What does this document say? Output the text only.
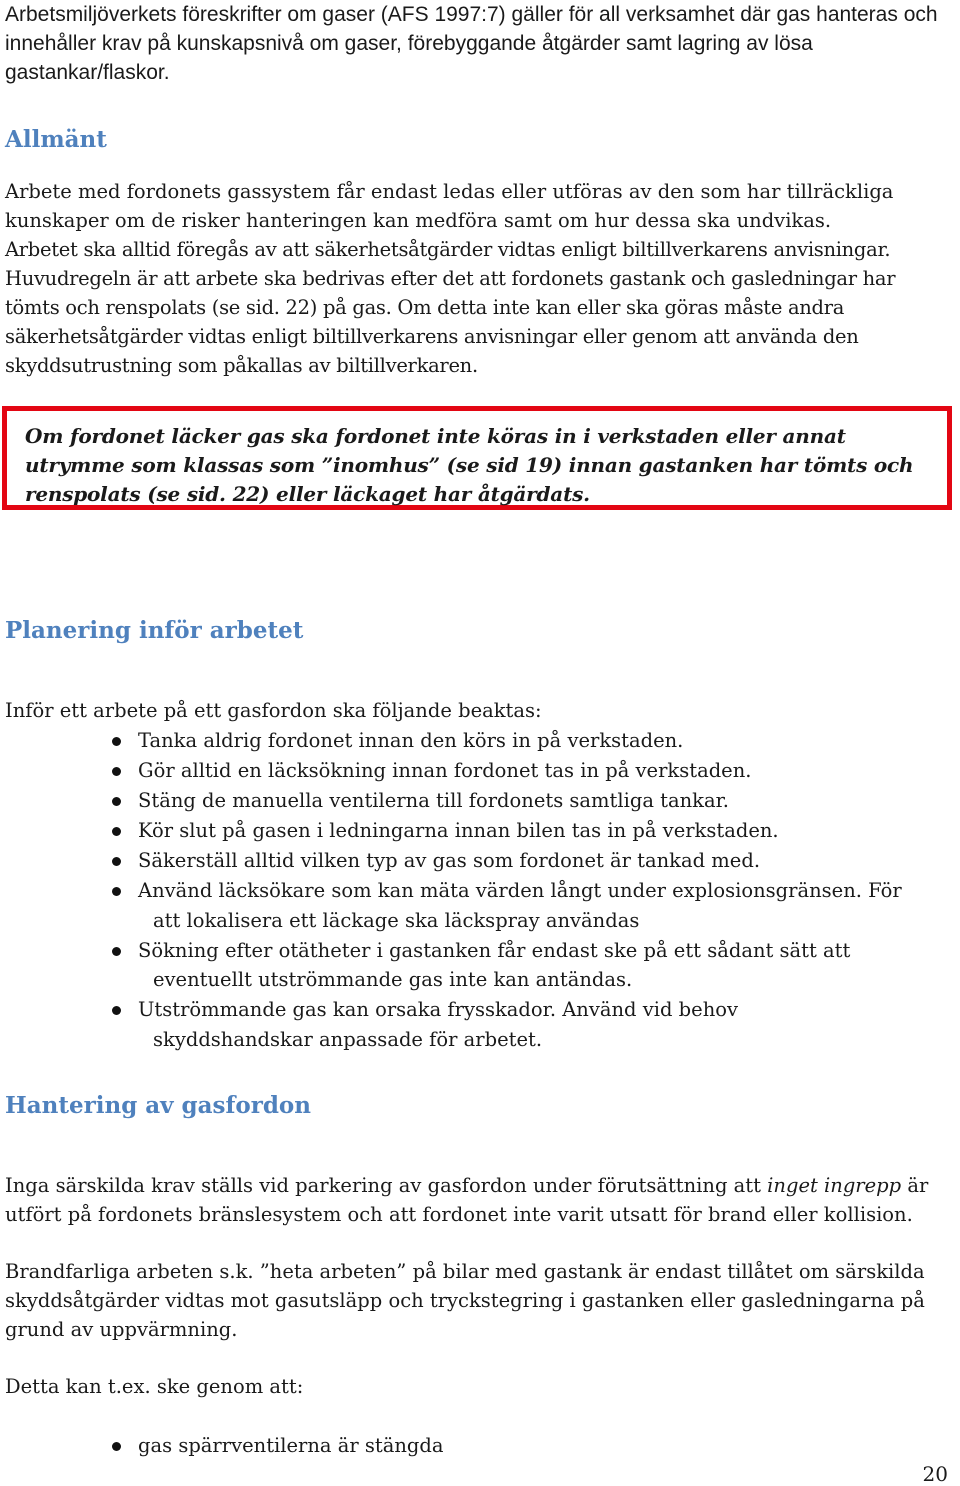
Arbetsmiljöverkets föreskrifter om gaser (AFS 1997:7) gäller för all verksamhet där gas hanteras och innehåller krav på kunskapsnivå om gaser, förebyggande åtgärder samt lagring av lösa gastankar/flaskor.

Allmänt

Arbete med fordonets gassystem får endast ledas eller utföras av den som har tillräckliga kunskaper om de risker hanteringen kan medföra samt om hur dessa ska undvikas.

Arbetet ska alltid föregås av att säkerhetsåtgärder vidtas enligt biltillverkarens anvisningar. Huvudregeln är att arbete ska bedrivas efter det att fordonets gastank och gasledningar har tömts och renspolats (se sid. 22) på gas. Om detta inte kan eller ska göras måste andra säkerhetsåtgärder vidtas enligt biltillverkarens anvisningar eller genom att använda den skyddsutrustning som påkallas av biltillverkaren.

Om fordonet läcker gas ska fordonet inte köras in i verkstaden eller annat utrymme som klassas som ”inomhus” (se sid 19) innan gastanken har tömts och renspolats (se sid. 22) eller läckaget har åtgärdats.

Planering inför arbetet

Inför ett arbete på ett gasfordon ska följande beaktas:

Tanka aldrig fordonet innan den körs in på verkstaden.
Gör alltid en läcksökning innan fordonet tas in på verkstaden.
Stäng de manuella ventilerna till fordonets samtliga tankar.
Kör slut på gasen i ledningarna innan bilen tas in på verkstaden.
Säkerställ alltid vilken typ av gas som fordonet är tankad med.
Använd läcksökare som kan mäta värden långt under explosionsgränsen. För
att lokalisera ett läckage ska läckspray användas
Sökning efter otätheter i gastanken får endast ske på ett sådant sätt att
eventuellt utströmmande gas inte kan antändas.
Utströmmande gas kan orsaka frysskador. Använd vid behov
skyddshandskar anpassade för arbetet.
Hantering av gasfordon

Inga särskilda krav ställs vid parkering av gasfordon under förutsättning att inget ingrepp är utfört på fordonets bränslesystem och att fordonet inte varit utsatt för brand eller kollision.

Brandfarliga arbeten s.k. ”heta arbeten” på bilar med gastank är endast tillåtet om särskilda skyddsåtgärder vidtas mot gasutsläpp och tryckstegring i gastanken eller gasledningarna på grund av uppvärmning.

Detta kan t.ex. ske genom att:

gas spärrventilerna är stängda
20
